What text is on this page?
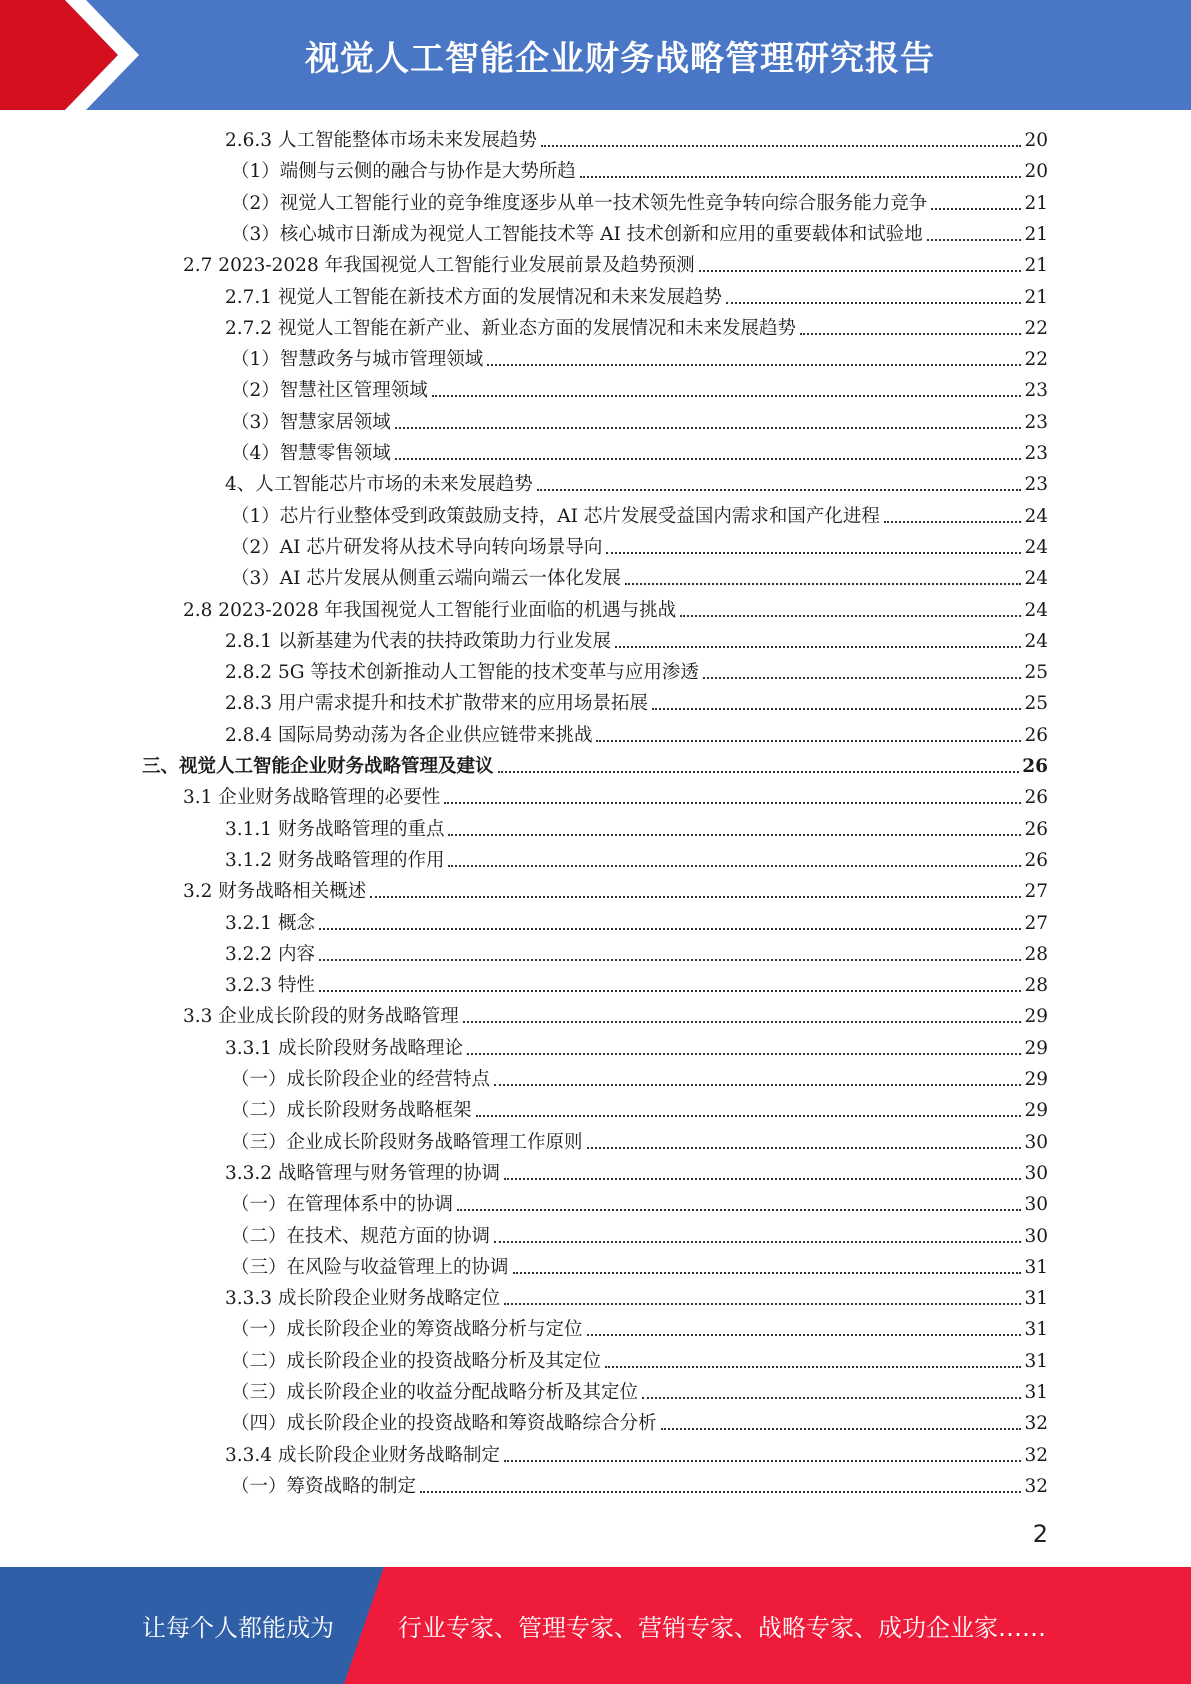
视觉人工智能企业财务战略管理研究报告
2.6.3 人工智能整体市场未来发展趋势	20
（1）端侧与云侧的融合与协作是大势所趋	20
（2）视觉人工智能行业的竞争维度逐步从单一技术领先性竞争转向综合服务能力竞争	21
（3）核心城市日渐成为视觉人工智能技术等 AI 技术创新和应用的重要载体和试验地	21
2.7 2023-2028 年我国视觉人工智能行业发展前景及趋势预测	21
2.7.1 视觉人工智能在新技术方面的发展情况和未来发展趋势	21
2.7.2 视觉人工智能在新产业、新业态方面的发展情况和未来发展趋势	22
（1）智慧政务与城市管理领域	22
（2）智慧社区管理领域	23
（3）智慧家居领域	23
（4）智慧零售领域	23
4、人工智能芯片市场的未来发展趋势	23
（1）芯片行业整体受到政策鼓励支持，AI 芯片发展受益国内需求和国产化进程	24
（2）AI 芯片研发将从技术导向转向场景导向	24
（3）AI 芯片发展从侧重云端向端云一体化发展	24
2.8 2023-2028 年我国视觉人工智能行业面临的机遇与挑战	24
2.8.1 以新基建为代表的扶持政策助力行业发展	24
2.8.2 5G 等技术创新推动人工智能的技术变革与应用渗透	25
2.8.3 用户需求提升和技术扩散带来的应用场景拓展	25
2.8.4 国际局势动荡为各企业供应链带来挑战	26
三、视觉人工智能企业财务战略管理及建议	26
3.1 企业财务战略管理的必要性	26
3.1.1 财务战略管理的重点	26
3.1.2 财务战略管理的作用	26
3.2 财务战略相关概述	27
3.2.1 概念	27
3.2.2 内容	28
3.2.3 特性	28
3.3 企业成长阶段的财务战略管理	29
3.3.1 成长阶段财务战略理论	29
（一）成长阶段企业的经营特点	29
（二）成长阶段财务战略框架	29
（三）企业成长阶段财务战略管理工作原则	30
3.3.2 战略管理与财务管理的协调	30
（一）在管理体系中的协调	30
（二）在技术、规范方面的协调	30
（三）在风险与收益管理上的协调	31
3.3.3 成长阶段企业财务战略定位	31
（一）成长阶段企业的筹资战略分析与定位	31
（二）成长阶段企业的投资战略分析及其定位	31
（三）成长阶段企业的收益分配战略分析及其定位	31
（四）成长阶段企业的投资战略和筹资战略综合分析	32
3.3.4 成长阶段企业财务战略制定	32
（一）筹资战略的制定	32
2
让每个人都能成为	行业专家、管理专家、营销专家、战略专家、成功企业家……
